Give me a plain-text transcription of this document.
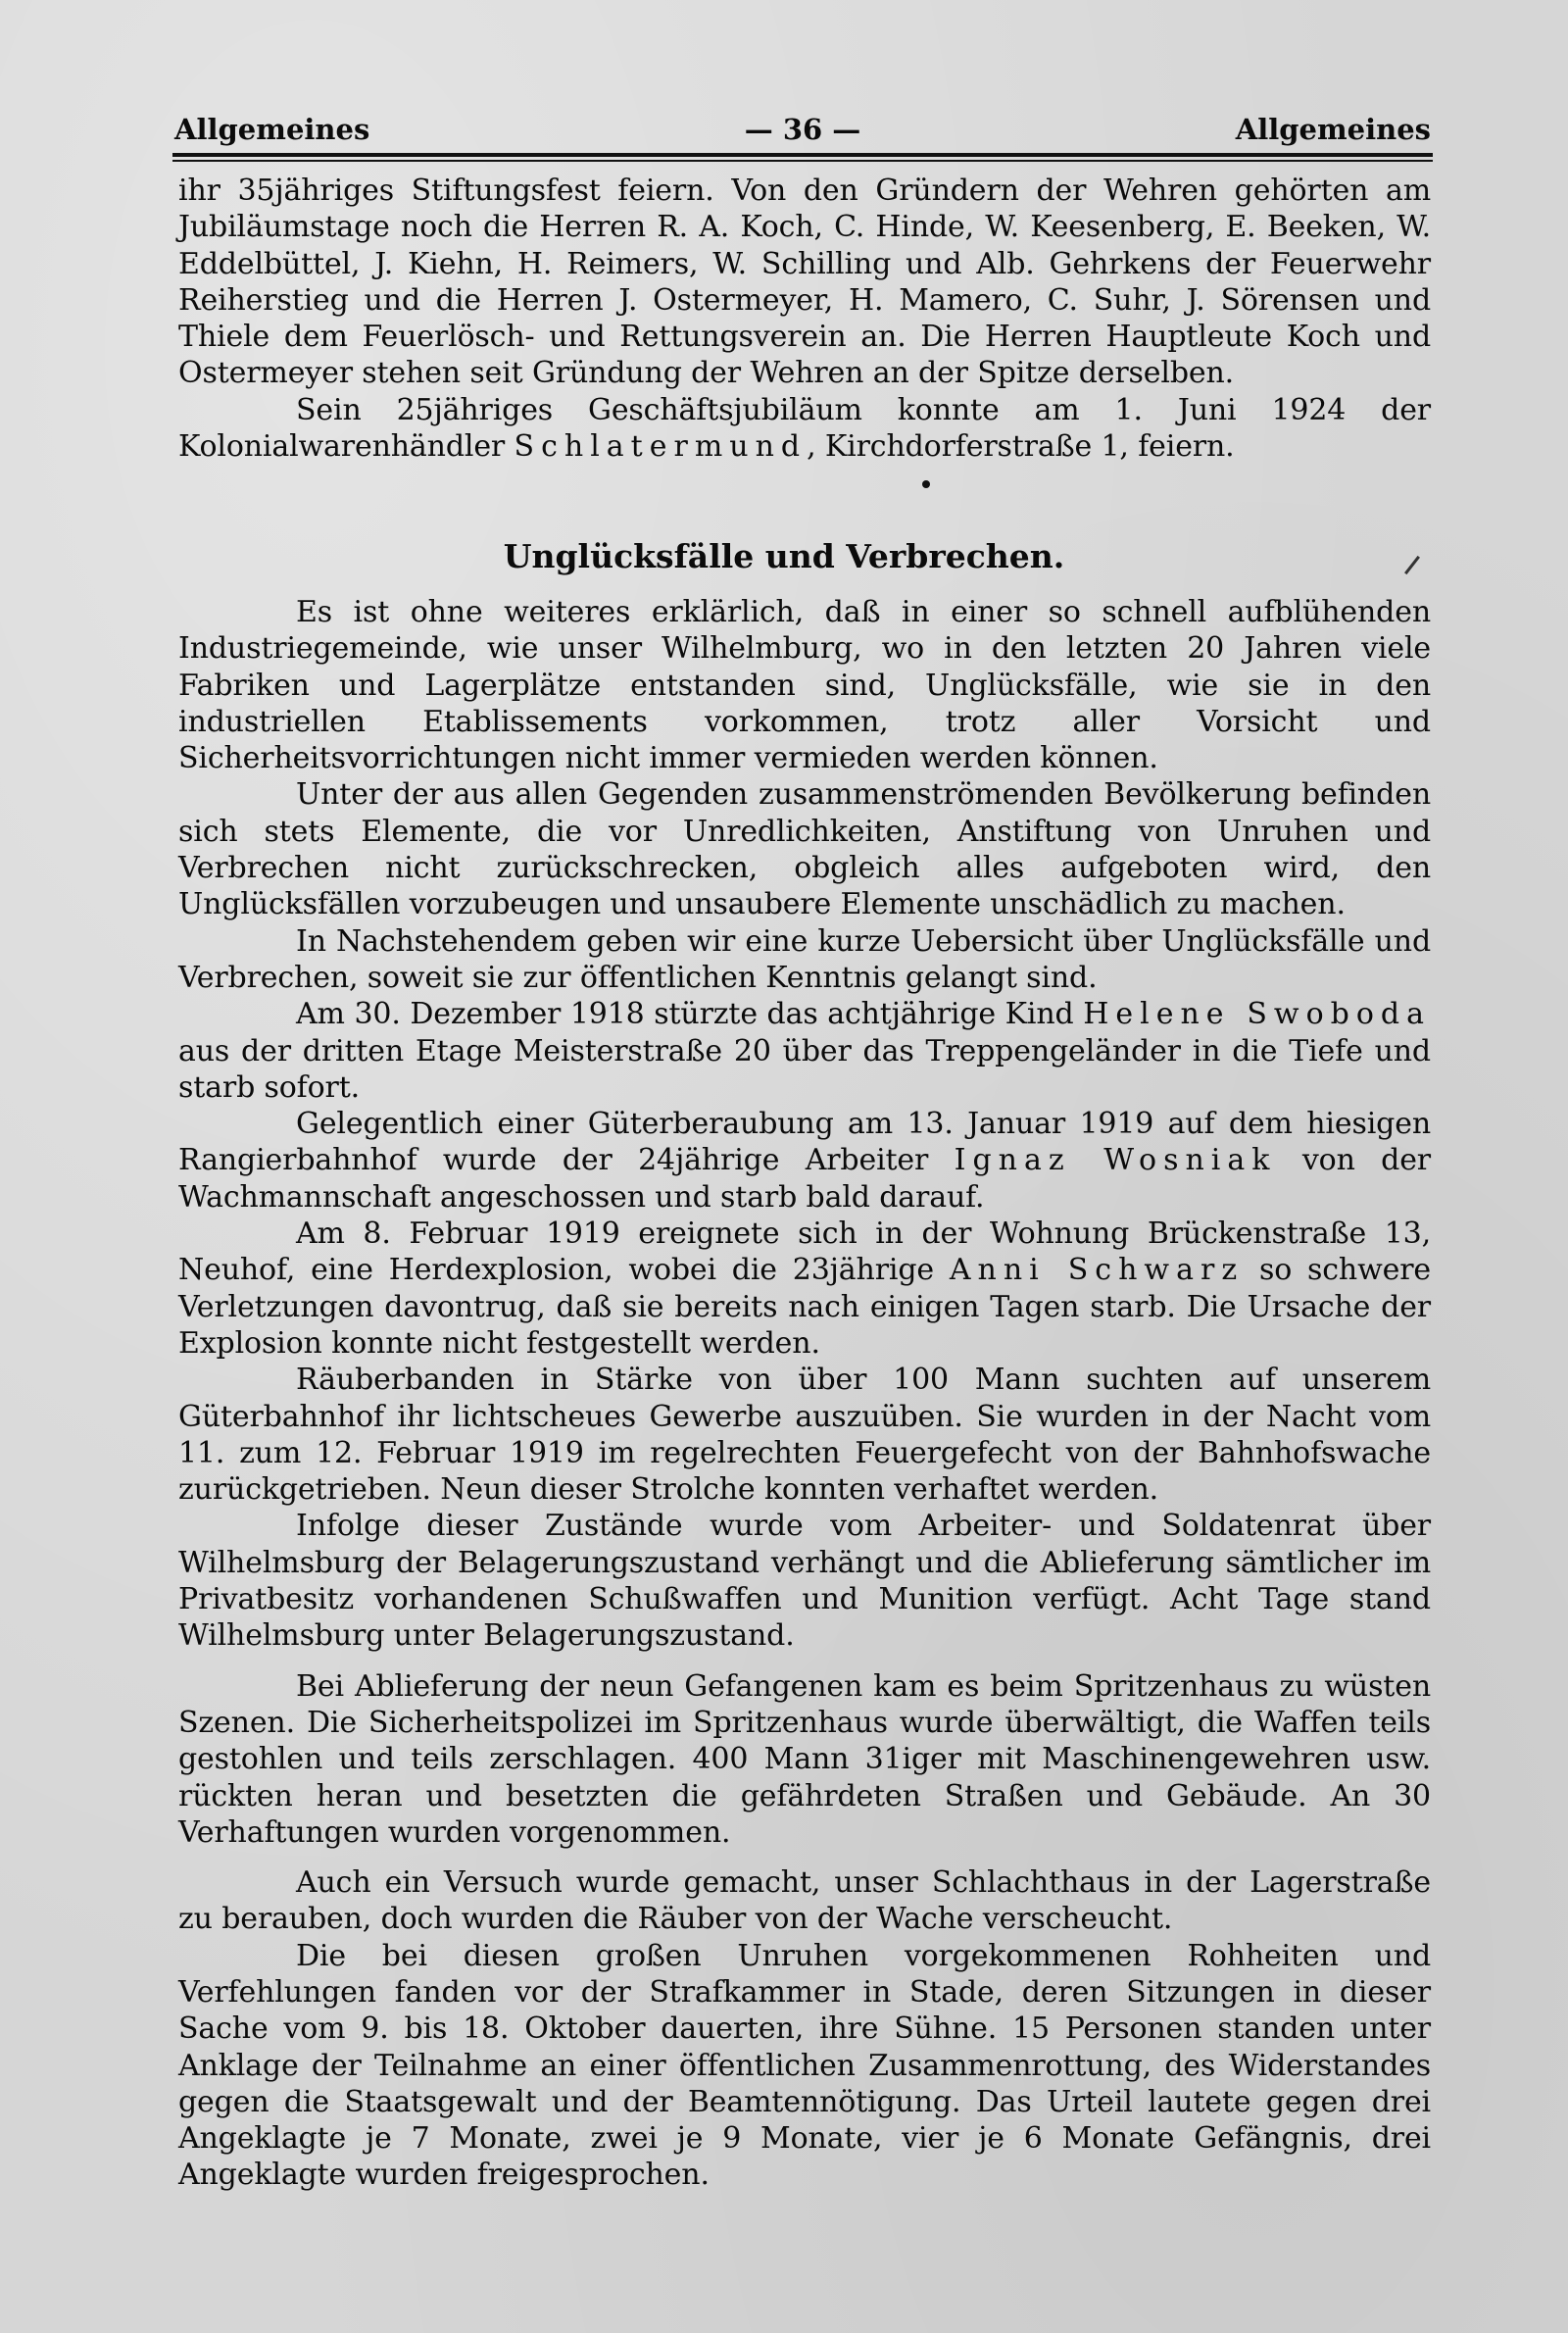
Allgemeines	— 36 —	Allgemeines

ihr 35jähriges Stiftungsfest feiern. Von den Gründern der Wehren gehörten am Jubiläumstage noch die Herren R. A. Koch, C. Hinde, W. Keesenberg, E. Beeken, W. Eddelbüttel, J. Kiehn, H. Reimers, W. Schilling und Alb. Gehrkens der Feuerwehr Reiherstieg und die Herren J. Ostermeyer, H. Mamero, C. Suhr, J. Sörensen und Thiele dem Feuerlösch- und Rettungsverein an. Die Herren Hauptleute Koch und Ostermeyer stehen seit Gründung der Wehren an der Spitze derselben.

Sein 25jähriges Geschäftsjubiläum konnte am 1. Juni 1924 der Kolonialwarenhändler Schlatermund, Kirchdorferstraße 1, feiern.

Unglücksfälle und Verbrechen.

Es ist ohne weiteres erklärlich, daß in einer so schnell aufblühenden Industriegemeinde, wie unser Wilhelmburg, wo in den letzten 20 Jahren viele Fabriken und Lagerplätze entstanden sind, Unglücksfälle, wie sie in den industriellen Etablissements vorkommen, trotz aller Vorsicht und Sicherheitsvorrichtungen nicht immer vermieden werden können.

Unter der aus allen Gegenden zusammenströmenden Bevölkerung befinden sich stets Elemente, die vor Unredlichkeiten, Anstiftung von Unruhen und Verbrechen nicht zurückschrecken, obgleich alles aufgeboten wird, den Unglücksfällen vorzubeugen und unsaubere Elemente unschädlich zu machen.

In Nachstehendem geben wir eine kurze Uebersicht über Unglücksfälle und Verbrechen, soweit sie zur öffentlichen Kenntnis gelangt sind.

Am 30. Dezember 1918 stürzte das achtjährige Kind Helene Swoboda aus der dritten Etage Meisterstraße 20 über das Treppengeländer in die Tiefe und starb sofort.

Gelegentlich einer Güterberaubung am 13. Januar 1919 auf dem hiesigen Rangierbahnhof wurde der 24jährige Arbeiter Ignaz Wosniak von der Wachmannschaft angeschossen und starb bald darauf.

Am 8. Februar 1919 ereignete sich in der Wohnung Brückenstraße 13, Neuhof, eine Herdexplosion, wobei die 23jährige Anni Schwarz so schwere Verletzungen davontrug, daß sie bereits nach einigen Tagen starb. Die Ursache der Explosion konnte nicht festgestellt werden.

Räuberbanden in Stärke von über 100 Mann suchten auf unserem Güterbahnhof ihr lichtscheues Gewerbe auszuüben. Sie wurden in der Nacht vom 11. zum 12. Februar 1919 im regelrechten Feuergefecht von der Bahnhofswache zurückgetrieben. Neun dieser Strolche konnten verhaftet werden.

Infolge dieser Zustände wurde vom Arbeiter- und Soldatenrat über Wilhelmsburg der Belagerungszustand verhängt und die Ablieferung sämtlicher im Privatbesitz vorhandenen Schußwaffen und Munition verfügt. Acht Tage stand Wilhelmsburg unter Belagerungszustand.

Bei Ablieferung der neun Gefangenen kam es beim Spritzenhaus zu wüsten Szenen. Die Sicherheitspolizei im Spritzenhaus wurde überwältigt, die Waffen teils gestohlen und teils zerschlagen. 400 Mann 31iger mit Maschinengewehren usw. rückten heran und besetzten die gefährdeten Straßen und Gebäude. An 30 Verhaftungen wurden vorgenommen.

Auch ein Versuch wurde gemacht, unser Schlachthaus in der Lagerstraße zu berauben, doch wurden die Räuber von der Wache verscheucht.

Die bei diesen großen Unruhen vorgekommenen Rohheiten und Verfehlungen fanden vor der Strafkammer in Stade, deren Sitzungen in dieser Sache vom 9. bis 18. Oktober dauerten, ihre Sühne. 15 Personen standen unter Anklage der Teilnahme an einer öffentlichen Zusammenrottung, des Widerstandes gegen die Staatsgewalt und der Beamtennötigung. Das Urteil lautete gegen drei Angeklagte je 7 Monate, zwei je 9 Monate, vier je 6 Monate Gefängnis, drei Angeklagte wurden freigesprochen.
